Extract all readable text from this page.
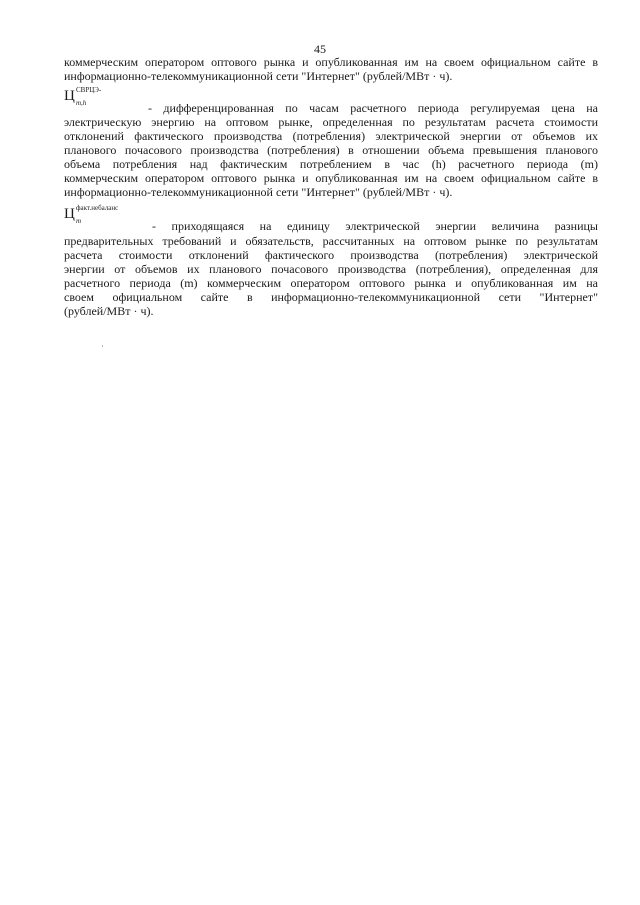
45
коммерческим оператором оптового рынка и опубликованная им на своем официальном сайте в
информационно-телекоммуникационной сети "Интернет" (рублей/МВт · ч).
Ц СВРЦЭ-
m,h	- дифференцированная по часам расчетного периода регулируемая цена на
электрическую энергию на оптовом рынке, определенная по результатам расчета стоимости
отклонений фактического производства (потребления) электрической энергии от объемов их
планового почасового производства (потребления) в отношении объема превышения планового
объема потребления над фактическим потреблением в час (h) расчетного периода (m)
коммерческим оператором оптового рынка и опубликованная им на своем официальном сайте в
информационно-телекоммуникационной сети "Интернет" (рублей/МВт · ч).
Ц факт.небаланс
m	- приходящаяся на единицу электрической энергии величина разницы
предварительных требований и обязательств, рассчитанных на оптовом рынке по результатам
расчета стоимости отклонений фактического производства (потребления) электрической
энергии от объемов их планового почасового производства (потребления), определенная для
расчетного периода (m) коммерческим оператором оптового рынка и опубликованная им на
своем официальном сайте в информационно-телекоммуникационной сети "Интернет"
(рублей/МВт · ч).
